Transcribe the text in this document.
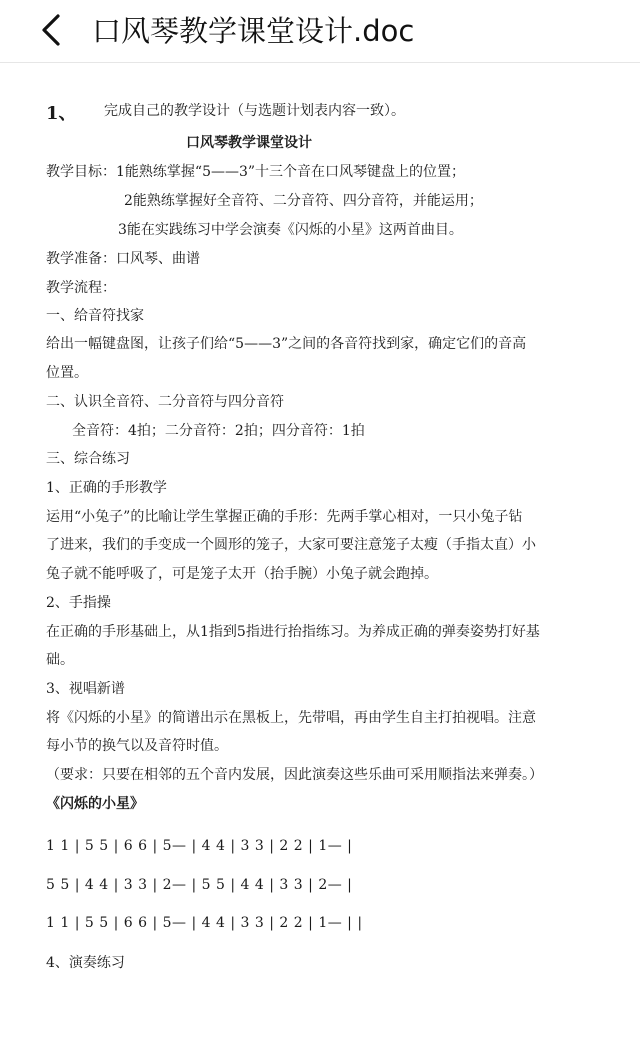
口风琴教学课堂设计.doc
1、 完成自己的教学设计（与选题计划表内容一致）。
口风琴教学课堂设计
教学目标：1能熟练掌握“5——3”十三个音在口风琴键盘上的位置；
2能熟练掌握好全音符、二分音符、四分音符，并能运用；
3能在实践练习中学会演奏《闪烁的小星》这两首曲目。
教学准备：口风琴、曲谱
教学流程：
一、给音符找家
给出一幅键盘图，让孩子们给“5——3”之间的各音符找到家，确定它们的音高
位置。
二、认识全音符、二分音符与四分音符
全音符：4拍；二分音符：2拍；四分音符：1拍
三、综合练习
1、正确的手形教学
运用“小兔子”的比喻让学生掌握正确的手形：先两手掌心相对，一只小兔子钻
了进来，我们的手变成一个圆形的笼子，大家可要注意笼子太瘦（手指太直）小
兔子就不能呼吸了，可是笼子太开（抬手腕）小兔子就会跑掉。
2、手指操
在正确的手形基础上，从1指到5指进行抬指练习。为养成正确的弹奏姿势打好基
础。
3、视唱新谱
将《闪烁的小星》的简谱出示在黑板上，先带唱，再由学生自主打拍视唱。注意
每小节的换气以及音符时值。
（要求：只要在相邻的五个音内发展，因此演奏这些乐曲可采用顺指法来弹奏。）
《闪烁的小星》
1 1 | 5 5 | 6 6 | 5— | 4 4 | 3 3 | 2 2 | 1— |
5 5 | 4 4 | 3 3 | 2— | 5 5 | 4 4 | 3 3 | 2— |
1 1 | 5 5 | 6 6 | 5— | 4 4 | 3 3 | 2 2 | 1— | |
4、演奏练习
